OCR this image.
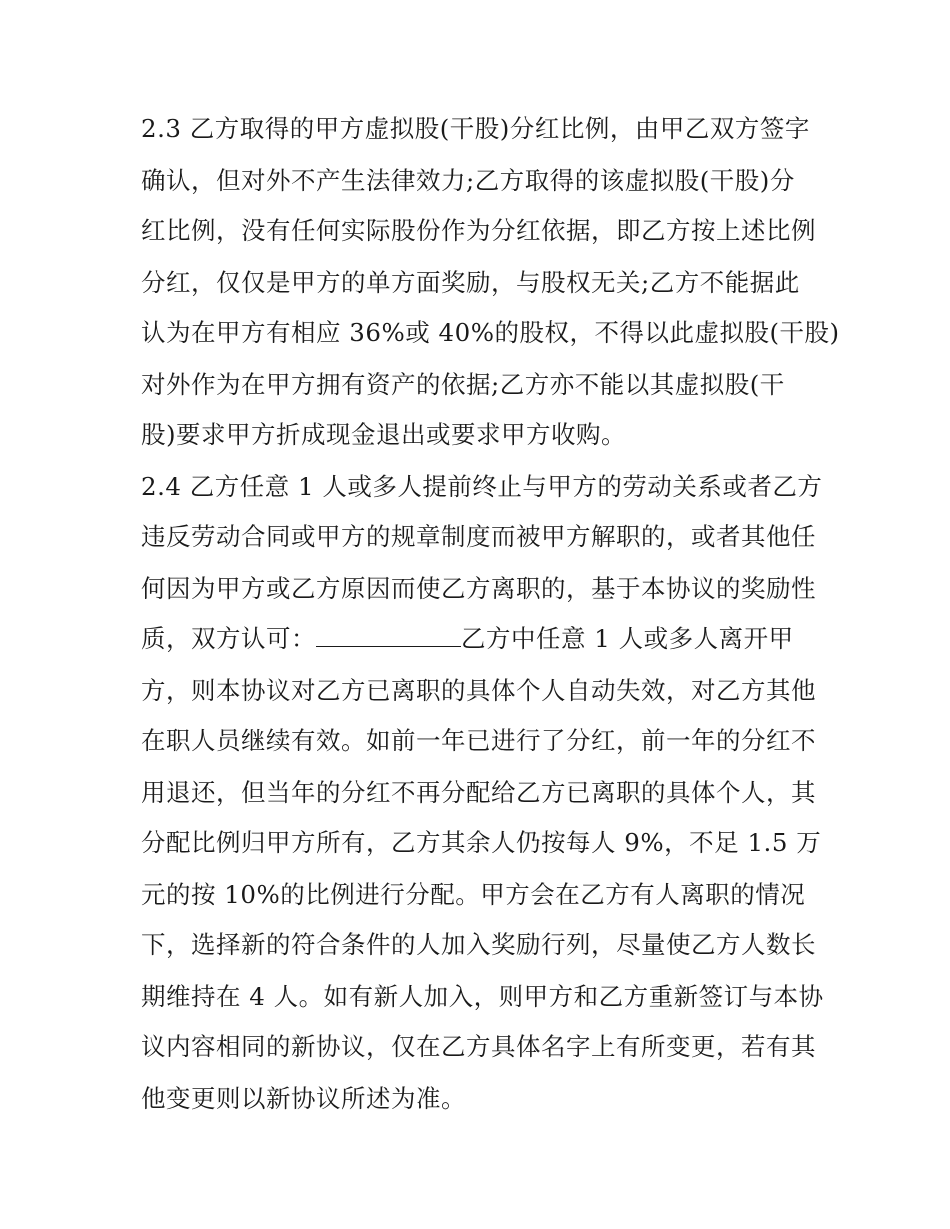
2.3 乙方取得的甲方虚拟股(干股)分红比例，由甲乙双方签字
确认，但对外不产生法律效力;乙方取得的该虚拟股(干股)分
红比例，没有任何实际股份作为分红依据，即乙方按上述比例
分红，仅仅是甲方的单方面奖励，与股权无关;乙方不能据此
认为在甲方有相应 36%或 40%的股权，不得以此虚拟股(干股)
对外作为在甲方拥有资产的依据;乙方亦不能以其虚拟股(干
股)要求甲方折成现金退出或要求甲方收购。
2.4 乙方任意 1 人或多人提前终止与甲方的劳动关系或者乙方
违反劳动合同或甲方的规章制度而被甲方解职的，或者其他任
何因为甲方或乙方原因而使乙方离职的，基于本协议的奖励性
质，双方认可：	乙方中任意 1 人或多人离开甲
方，则本协议对乙方已离职的具体个人自动失效，对乙方其他
在职人员继续有效。如前一年已进行了分红，前一年的分红不
用退还，但当年的分红不再分配给乙方已离职的具体个人，其
分配比例归甲方所有，乙方其余人仍按每人 9%，不足 1.5 万
元的按 10%的比例进行分配。甲方会在乙方有人离职的情况
下，选择新的符合条件的人加入奖励行列，尽量使乙方人数长
期维持在 4 人。如有新人加入，则甲方和乙方重新签订与本协
议内容相同的新协议，仅在乙方具体名字上有所变更，若有其
他变更则以新协议所述为准。
